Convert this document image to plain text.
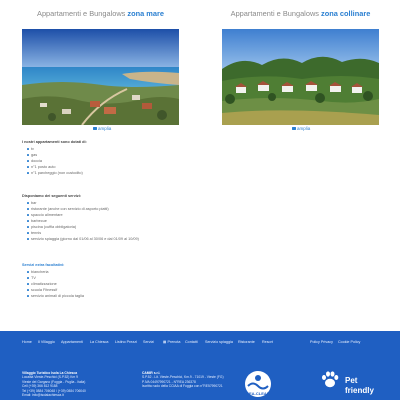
Appartamenti e Bungalows zona mare	Appartamenti e Bungalows zona collinare
amplia	amplia
I nostri appartamenti sono dotati di:
tv
gas
doccia
n°1 posto auto
n°1 parcheggio (non custodito)
Disponiamo dei seguenti servizi:
bar
ristorante (anche con servizio di asporto piatti)
spaccio alimentare
barbecue
piscina (cuffia obbligatoria)
tennis
servizio spiaggia (giorno dal 01/06 al 30/06 e dal 01/09 al 10/09)
Servizi extra facoltativi:
biancheria
TV
climatizzazione
scuola Fitnessif
servizio animali di piccola taglia
Home Il Villaggio Appartamenti La Chiesca Listino Prezzi Servizi ▦ Prenota Contatti Servizio spiaggia Ristorante Resort	Policy Privacy Cookie Policy
Villaggio Turistico Isola La Chiesca
Località Vieste-Peschici (S.P.52) Km 9
Vieste del Gargano (Foggia - Puglia - Italia)
Cell (+39) 366 812 9188
Tel (+39) 0884 706048 / (+39) 0884 706040
Email: info@isolalachiesca.it
CAMIR s.r.l.
S.P.52 - Lit. Vieste-Peschici, Km.9 - 71019 - Vieste (FG)
P.IVA 04497990721 - N°REA 236378
Iscritta ruolo della CCIAA di Foggia con n°RE57990721
SEA-CLEAN
Pet
friendly
